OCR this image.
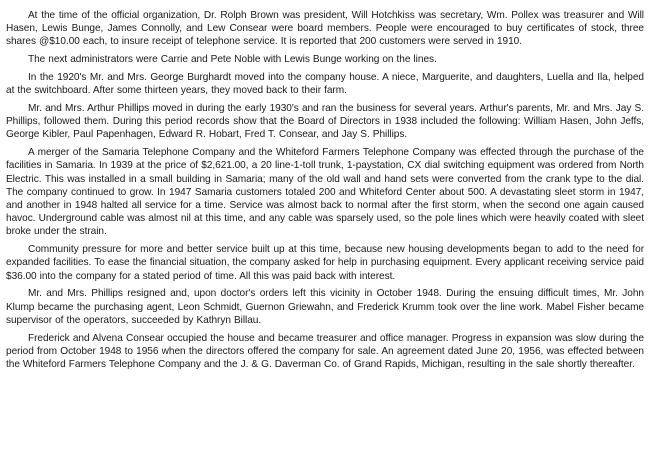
At the time of the official organization, Dr. Rolph Brown was president, Will Hotchkiss was secretary, Wm. Pollex was treasurer and Will Hasen, Lewis Bunge, James Connolly, and Lew Consear were board members. People were encouraged to buy certificates of stock, three shares @$10.00 each, to insure receipt of telephone service. It is reported that 200 customers were served in 1910.

The next administrators were Carrie and Pete Noble with Lewis Bunge working on the lines.

In the 1920's Mr. and Mrs. George Burghardt moved into the company house. A niece, Marguerite, and daughters, Luella and Ila, helped at the switchboard. After some thirteen years, they moved back to their farm.

Mr. and Mrs. Arthur Phillips moved in during the early 1930's and ran the business for several years. Arthur's parents, Mr. and Mrs. Jay S. Phillips, followed them. During this period records show that the Board of Directors in 1938 included the following: William Hasen, John Jeffs, George Kibler, Paul Papenhagen, Edward R. Hobart, Fred T. Consear, and Jay S. Phillips.

A merger of the Samaria Telephone Company and the Whiteford Farmers Telephone Company was effected through the purchase of the facilities in Samaria. In 1939 at the price of $2,621.00, a 20 line-1-toll trunk, 1-paystation, CX dial switching equipment was ordered from North Electric. This was installed in a small building in Samaria; many of the old wall and hand sets were converted from the crank type to the dial. The company continued to grow. In 1947 Samaria customers totaled 200 and Whiteford Center about 500. A devastating sleet storm in 1947, and another in 1948 halted all service for a time. Service was almost back to normal after the first storm, when the second one again caused havoc. Underground cable was almost nil at this time, and any cable was sparsely used, so the pole lines which were heavily coated with sleet broke under the strain.

Community pressure for more and better service built up at this time, because new housing developments began to add to the need for expanded facilities. To ease the financial situation, the company asked for help in purchasing equipment. Every applicant receiving service paid $36.00 into the company for a stated period of time. All this was paid back with interest.

Mr. and Mrs. Phillips resigned and, upon doctor's orders left this vicinity in October 1948. During the ensuing difficult times, Mr. John Klump became the purchasing agent, Leon Schmidt, Guernon Griewahn, and Frederick Krumm took over the line work. Mabel Fisher became supervisor of the operators, succeeded by Kathryn Billau.

Frederick and Alvena Consear occupied the house and became treasurer and office manager. Progress in expansion was slow during the period from October 1948 to 1956 when the directors offered the company for sale. An agreement dated June 20, 1956, was effected between the Whiteford Farmers Telephone Company and the J. & G. Daverman Co. of Grand Rapids, Michigan, resulting in the sale shortly thereafter.
